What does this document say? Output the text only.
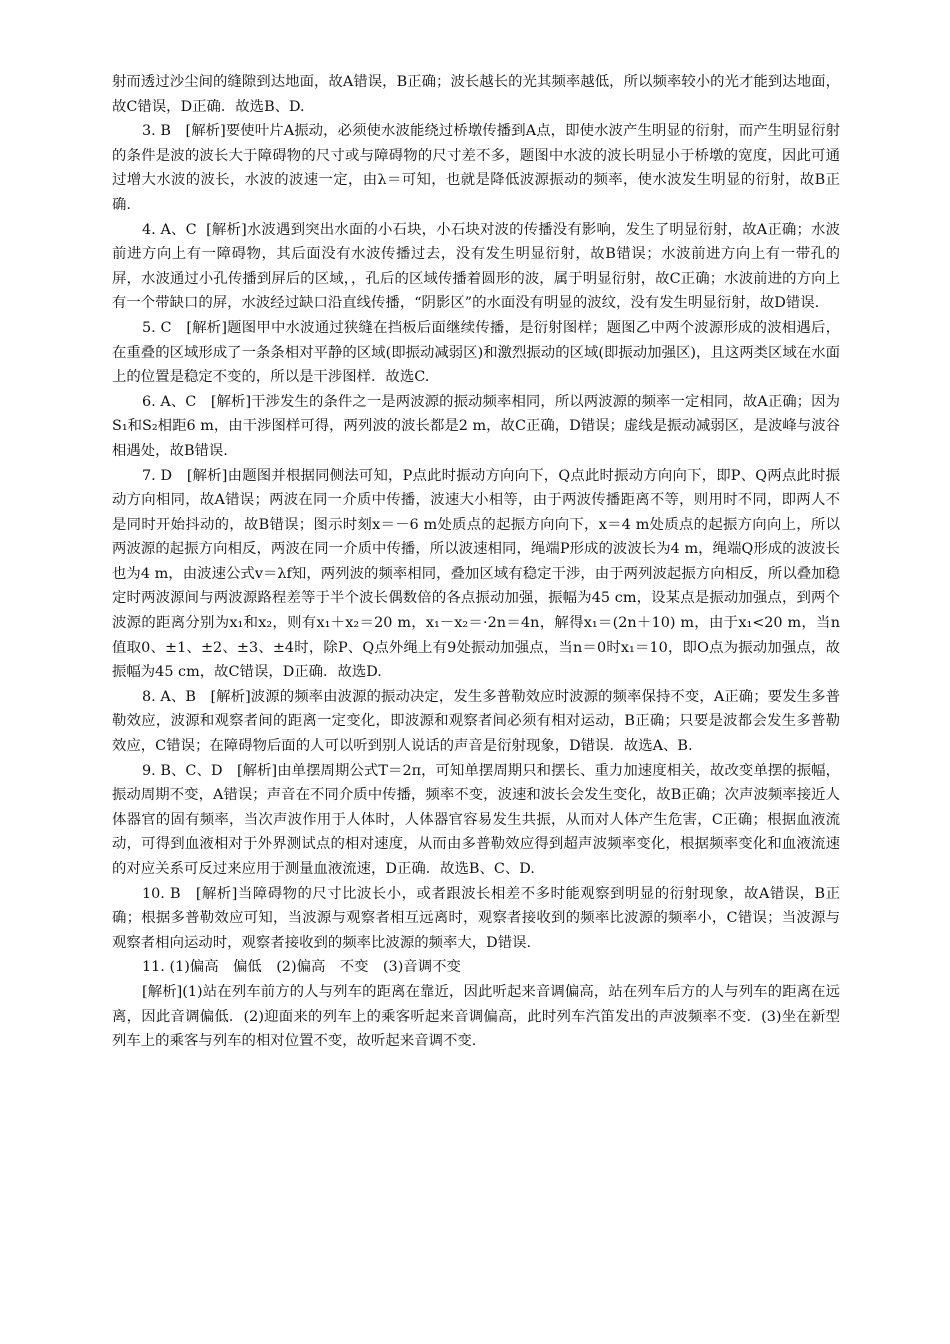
射而透过沙尘间的缝隙到达地面，故A错误，B正确；波长越长的光其频率越低，所以频率较小的光才能到达地面，故C错误，D正确．故选B、D.

3. B　[解析]要使叶片A振动，必须使水波能绕过桥墩传播到A点，即使水波产生明显的衍射，而产生明显衍射的条件是波的波长大于障碍物的尺寸或与障碍物的尺寸差不多，题图中水波的波长明显小于桥墩的宽度，因此可通过增大水波的波长，水波的波速一定，由λ＝可知，也就是降低波源振动的频率，使水波发生明显的衍射，故B正确.

4. A、C  [解析]水波遇到突出水面的小石块，小石块对波的传播没有影响，发生了明显衍射，故A正确；水波前进方向上有一障碍物，其后面没有水波传播过去，没有发生明显衍射，故B错误；水波前进方向上有一带孔的屏，水波通过小孔传播到屏后的区域，，孔后的区域传播着圆形的波，属于明显衍射，故C正确；水波前进的方向上有一个带缺口的屏，水波经过缺口沿直线传播，“阴影区”的水面没有明显的波纹，没有发生明显衍射，故D错误.

5. C　[解析]题图甲中水波通过狭缝在挡板后面继续传播，是衍射图样；题图乙中两个波源形成的波相遇后，在重叠的区域形成了一条条相对平静的区域(即振动减弱区)和激烈振动的区域(即振动加强区)，且这两类区域在水面上的位置是稳定不变的，所以是干涉图样．故选C.

6. A、C　[解析]干涉发生的条件之一是两波源的振动频率相同，所以两波源的频率一定相同，故A正确；因为S₁和S₂相距6 m，由干涉图样可得，两列波的波长都是2 m，故C正确，D错误；虚线是振动减弱区，是波峰与波谷相遇处，故B错误.

7. D　[解析]由题图并根据同侧法可知，P点此时振动方向向下，Q点此时振动方向向下，即P、Q两点此时振动方向相同，故A错误；两波在同一介质中传播，波速大小相等，由于两波传播距离不等，则用时不同，即两人不是同时开始抖动的，故B错误；图示时刻x＝－6 m处质点的起振方向向下，x＝4 m处质点的起振方向向上，所以两波源的起振方向相反，两波在同一介质中传播，所以波速相同，绳端P形成的波波长为4 m，绳端Q形成的波波长也为4 m，由波速公式v＝λf知，两列波的频率相同，叠加区域有稳定干涉，由于两列波起振方向相反，所以叠加稳定时两波源间与两波源路程差等于半个波长偶数倍的各点振动加强，振幅为45 cm，设某点是振动加强点，到两个波源的距离分别为x₁和x₂，则有x₁＋x₂＝20 m，x₁－x₂＝·2n＝4n，解得x₁＝(2n＋10) m，由于x₁<20 m，当n值取0、±1、±2、±3、±4时，除P、Q点外绳上有9处振动加强点，当n＝0时x₁＝10，即O点为振动加强点，故振幅为45 cm，故C错误，D正确．故选D.

8. A、B　[解析]波源的频率由波源的振动决定，发生多普勒效应时波源的频率保持不变，A正确；要发生多普勒效应，波源和观察者间的距离一定变化，即波源和观察者间必须有相对运动，B正确；只要是波都会发生多普勒效应，C错误；在障碍物后面的人可以听到别人说话的声音是衍射现象，D错误．故选A、B.

9. B、C、D　[解析]由单摆周期公式T＝2π，可知单摆周期只和摆长、重力加速度相关，故改变单摆的振幅，振动周期不变，A错误；声音在不同介质中传播，频率不变，波速和波长会发生变化，故B正确；次声波频率接近人体器官的固有频率，当次声波作用于人体时，人体器官容易发生共振，从而对人体产生危害，C正确；根据血液流动，可得到血液相对于外界测试点的相对速度，从而由多普勒效应得到超声波频率变化，根据频率变化和血液流速的对应关系可反过来应用于测量血液流速，D正确．故选B、C、D.

10. B　[解析]当障碍物的尺寸比波长小，或者跟波长相差不多时能观察到明显的衍射现象，故A错误，B正确；根据多普勒效应可知，当波源与观察者相互远离时，观察者接收到的频率比波源的频率小，C错误；当波源与观察者相向运动时，观察者接收到的频率比波源的频率大，D错误.

11. (1)偏高　偏低　(2)偏高　不变　(3)音调不变

[解析](1)站在列车前方的人与列车的距离在靠近，因此听起来音调偏高，站在列车后方的人与列车的距离在远离，因此音调偏低．(2)迎面来的列车上的乘客听起来音调偏高，此时列车汽笛发出的声波频率不变．(3)坐在新型列车上的乘客与列车的相对位置不变，故听起来音调不变.
